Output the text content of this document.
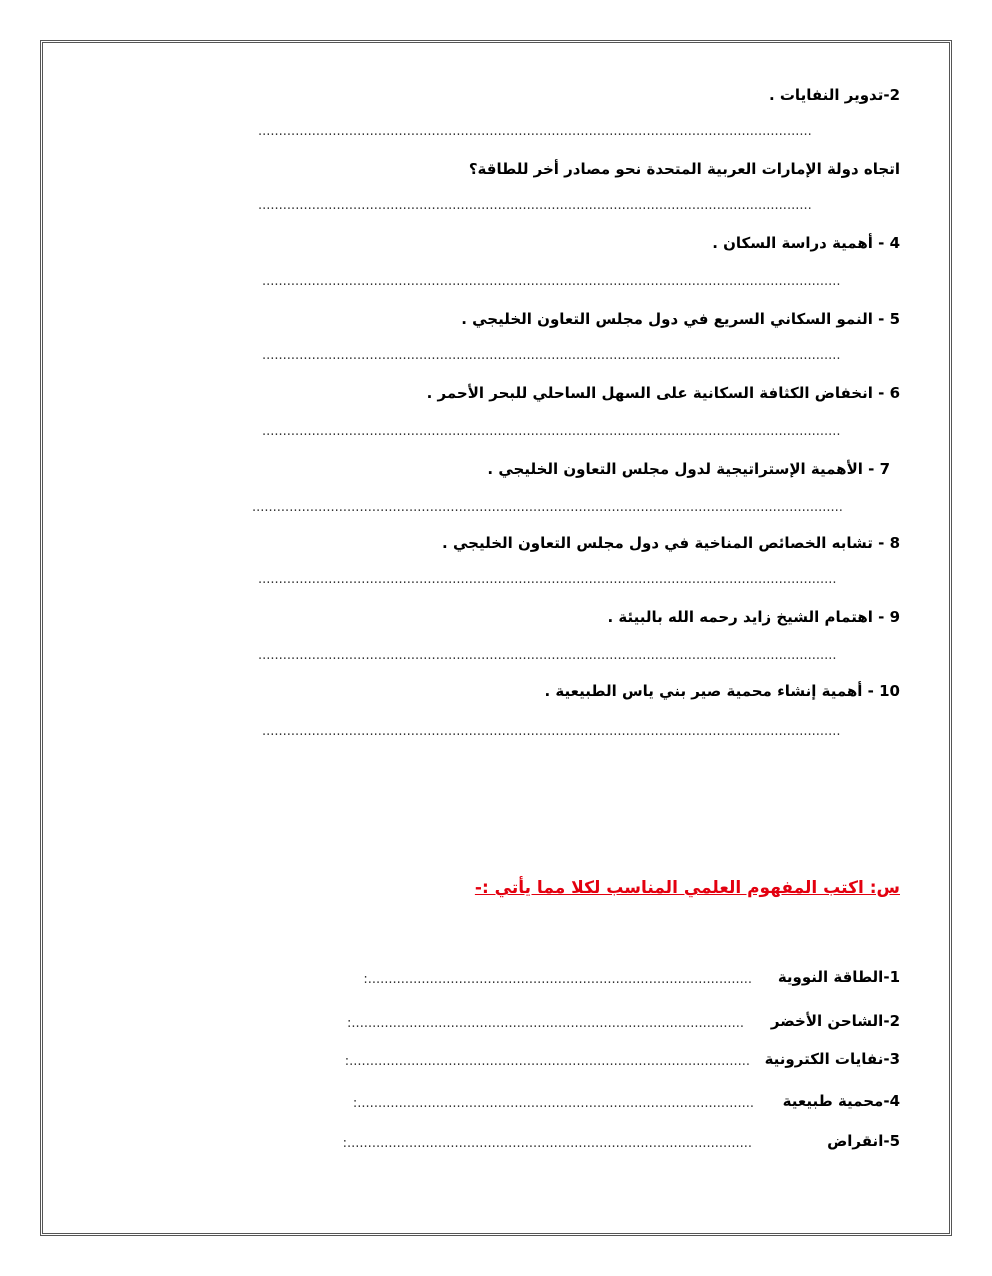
2-تدوير النفايات .
......................................................................................................................................
اتجاه دولة الإمارات العربية المتحدة نحو مصادر أخر للطاقة؟
......................................................................................................................................
4 - أهمية دراسة السكان .
............................................................................................................................................
5 - النمو السكاني السريع في دول مجلس التعاون الخليجي .
............................................................................................................................................
6 - انخفاض الكثافة السكانية على السهل الساحلي للبحر الأحمر .
............................................................................................................................................
7 - الأهمية الإستراتيجية لدول مجلس التعاون الخليجي .
...............................................................................................................................................
8 - تشابه الخصائص المناخية في دول مجلس التعاون الخليجي .
............................................................................................................................................
9 - اهتمام الشيخ زايد رحمه الله بالبيئة .
............................................................................................................................................
10 - أهمية إنشاء محمية صير بني ياس الطبيعية .
............................................................................................................................................
س: اكتب المفهوم العلمي المناسب لكلا مما يأتي :-
1-الطاقة النووية
:.............................................................................................
2-الشاحن الأخضر
:...............................................................................................
3-نفايات الكترونية
:.................................................................................................
4-محمية طبيعية
:................................................................................................
5-انقراض
:..................................................................................................
